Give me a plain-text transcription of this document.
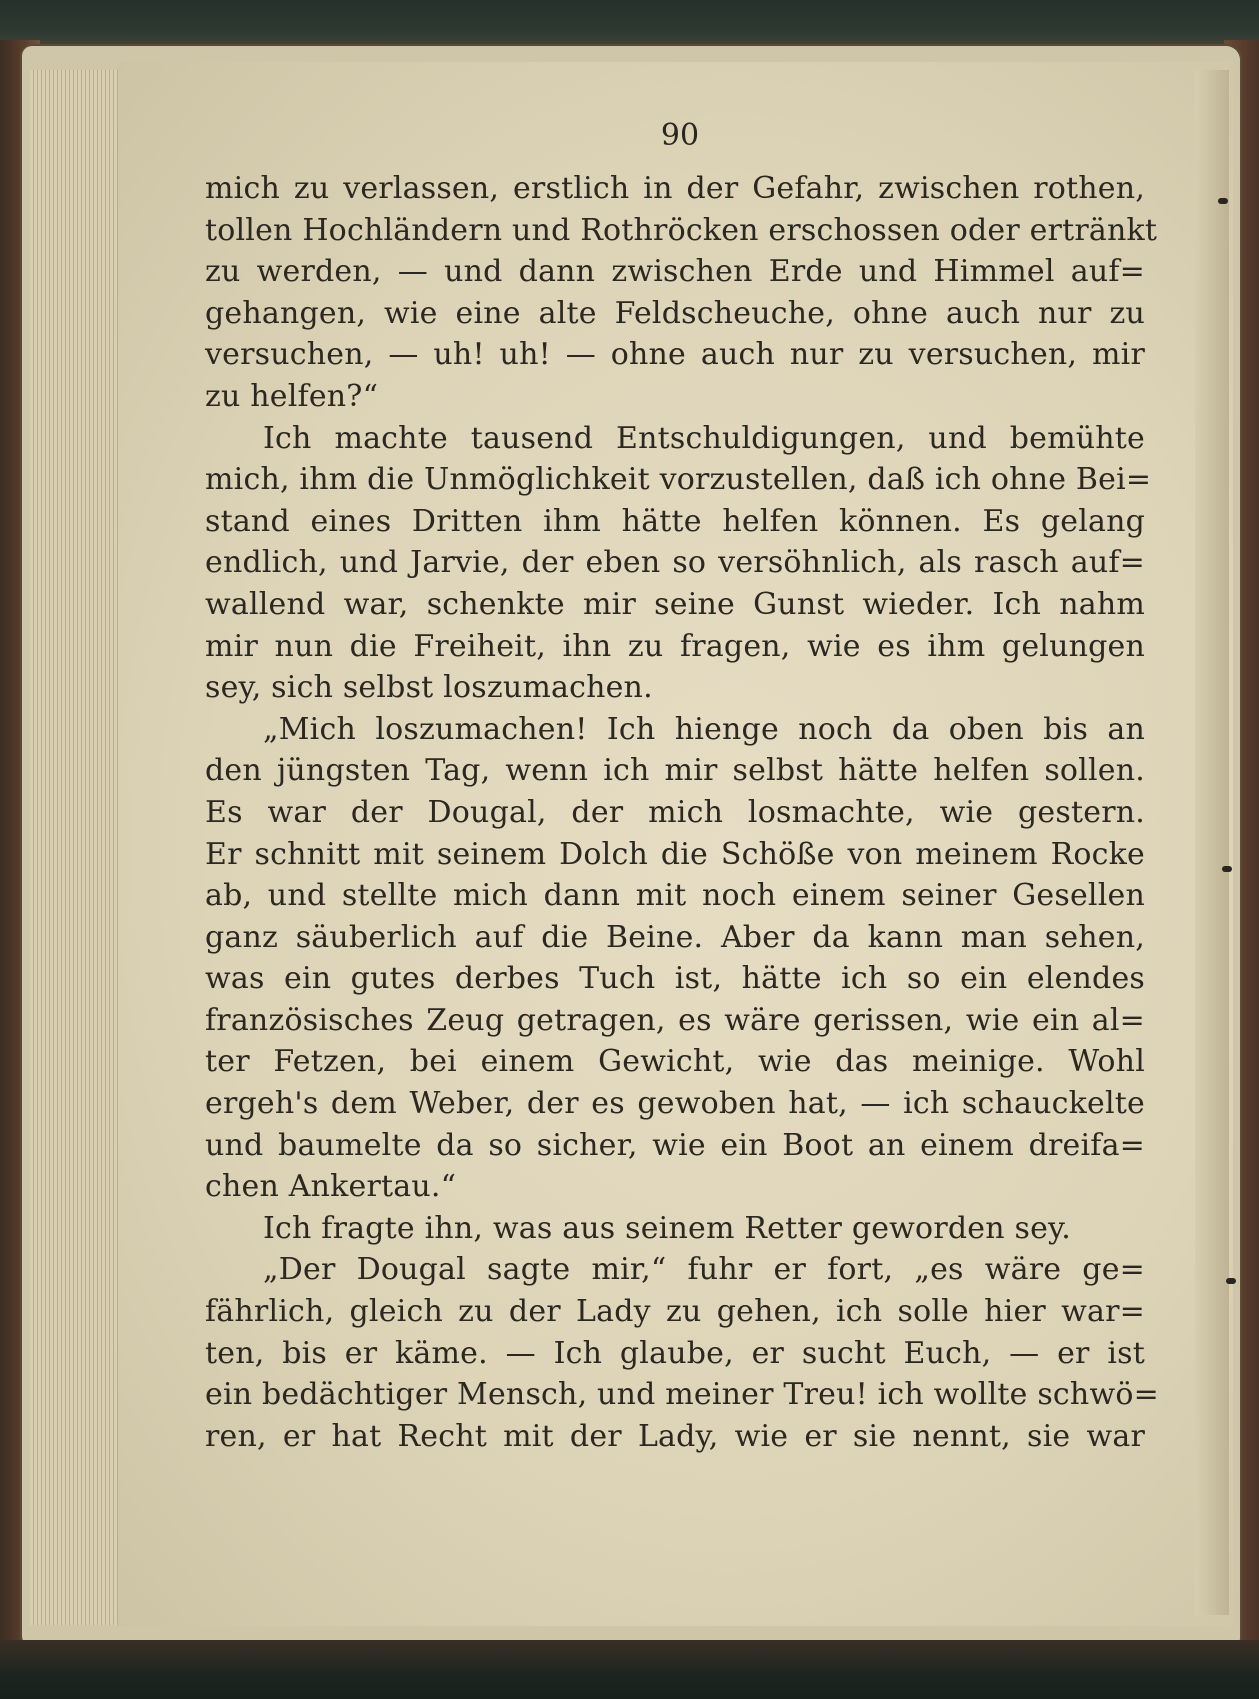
90
mich zu verlassen, erstlich in der Gefahr, zwischen rothen,
tollen Hochländern und Rothröcken erschossen oder ertränkt
zu werden, — und dann zwischen Erde und Himmel auf=
gehangen, wie eine alte Feldscheuche, ohne auch nur zu
versuchen, — uh! uh! — ohne auch nur zu versuchen, mir
zu helfen?“
Ich machte tausend Entschuldigungen, und bemühte
mich, ihm die Unmöglichkeit vorzustellen, daß ich ohne Bei=
stand eines Dritten ihm hätte helfen können. Es gelang
endlich, und Jarvie, der eben so versöhnlich, als rasch auf=
wallend war, schenkte mir seine Gunst wieder. Ich nahm
mir nun die Freiheit, ihn zu fragen, wie es ihm gelungen
sey, sich selbst loszumachen.
„Mich loszumachen! Ich hienge noch da oben bis an
den jüngsten Tag, wenn ich mir selbst hätte helfen sollen.
Es war der Dougal, der mich losmachte, wie gestern.
Er schnitt mit seinem Dolch die Schöße von meinem Rocke
ab, und stellte mich dann mit noch einem seiner Gesellen
ganz säuberlich auf die Beine. Aber da kann man sehen,
was ein gutes derbes Tuch ist, hätte ich so ein elendes
französisches Zeug getragen, es wäre gerissen, wie ein al=
ter Fetzen, bei einem Gewicht, wie das meinige. Wohl
ergeh's dem Weber, der es gewoben hat, — ich schauckelte
und baumelte da so sicher, wie ein Boot an einem dreifa=
chen Ankertau.“
Ich fragte ihn, was aus seinem Retter geworden sey.
„Der Dougal sagte mir,“ fuhr er fort, „es wäre ge=
fährlich, gleich zu der Lady zu gehen, ich solle hier war=
ten, bis er käme. — Ich glaube, er sucht Euch, — er ist
ein bedächtiger Mensch, und meiner Treu! ich wollte schwö=
ren, er hat Recht mit der Lady, wie er sie nennt, sie war
